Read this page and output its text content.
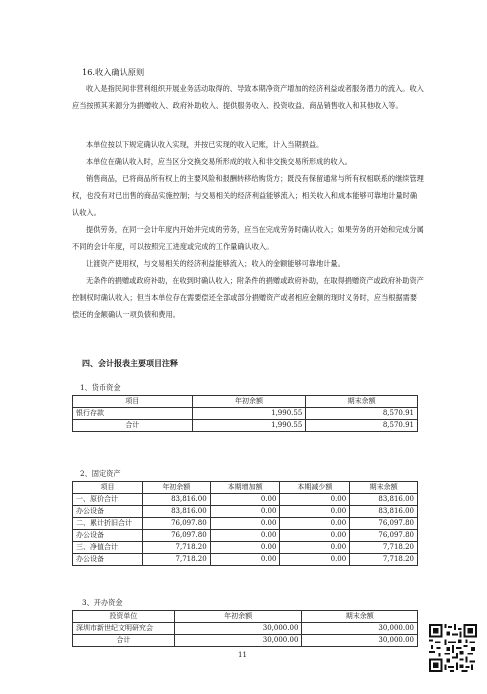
16.收入确认原则
收入是指民间非营利组织开展业务活动取得的、导致本期净资产增加的经济利益或者服务潜力的流入。收入应当按照其来源分为捐赠收入、政府补助收入、提供服务收入、投资收益、商品销售收入和其他收入等。
本单位按以下规定确认收入实现，并按已实现的收入记账，计入当期损益。
本单位在确认收入时，应当区分交换交易所形成的收入和非交换交易所形成的收入。
销售商品，已将商品所有权上的主要风险和报酬转移给购货方；既没有保留通常与所有权相联系的继续管理权，也没有对已出售的商品实施控制；与交易相关的经济利益能够流入；相关收入和成本能够可靠地计量时确认收入。
提供劳务，在同一会计年度内开始并完成的劳务，应当在完成劳务时确认收入；如果劳务的开始和完成分属不同的会计年度，可以按照完工进度或完成的工作量确认收入。
让渡资产使用权，与交易相关的经济利益能够流入；收入的金额能够可靠地计量。
无条件的捐赠或政府补助，在收到时确认收入；附条件的捐赠或政府补助，在取得捐赠资产或政府补助资产控制权时确认收入；但当本单位存在需要偿还全部或部分捐赠资产或者相应金额的现时义务时，应当根据需要偿还的金额确认一项负债和费用。
四、会计报表主要项目注释
1、货币资金
项目	年初余额	期末余额
银行存款	1,990.55	8,570.91
合计	1,990.55	8,570.91
2、固定资产
项目	年初余额	本期增加额	本期减少额	期末余额
一、原价合计	83,816.00	0.00	0.00	83,816.00
办公设备	83,816.00	0.00	0.00	83,816.00
二、累计折旧合计	76,097.80	0.00	0.00	76,097.80
办公设备	76,097.80	0.00	0.00	76,097.80
三、净值合计	7,718.20	0.00	0.00	7,718.20
办公设备	7,718.20	0.00	0.00	7,718.20
3、开办资金
投资单位	年初余额	期末余额
深圳市新世纪文明研究会	30,000.00	30,000.00
合计	30,000.00	30,000.00
11
